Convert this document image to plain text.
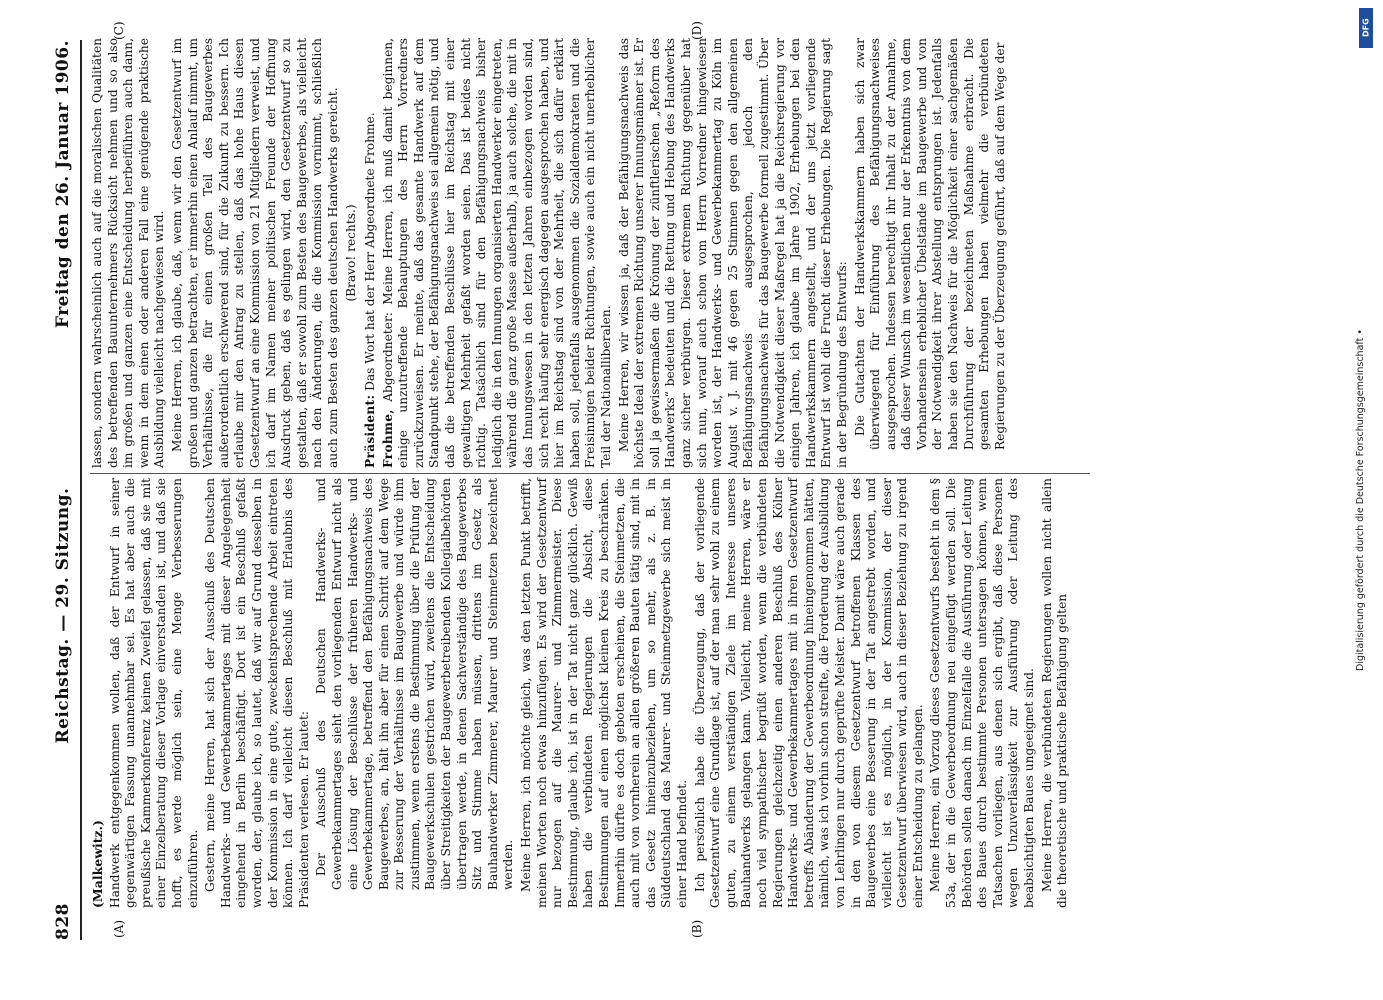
828
Reichstag. — 29. Sitzung.
Freitag den 26. Januar 1906.
(A)	(B)
(C)	(D)

(Malkewitz.) Handwerk entgegenkommen wollen, daß der Entwurf in seiner gegenwärtigen Fassung unannehmbar sei. Es hat aber auch die preußische Kammerkonferenz keinen Zweifel gelassen, daß sie mit einer Einzelberatung dieser Vorlage einverstanden ist, und daß sie hofft, es werde möglich sein, eine Menge Verbesserungen einzuführen. Gestern, meine Herren, hat sich der Ausschuß des Deutschen Handwerks- und Gewerbekammertages mit dieser Angelegenheit eingehend in Berlin beschäftigt. Dort ist ein Beschluß gefaßt worden, der, glaube ich, so lautet, daß wir auf Grund desselben in der Kommission in eine gute, zweckentsprechende Arbeit eintreten können. Ich darf vielleicht diesen Beschluß mit Erlaubnis des Präsidenten verlesen. Er lautet: Der Ausschuß des Deutschen Handwerks- und Gewerbekammertages sieht den vorliegenden Entwurf nicht als eine Lösung der Beschlüsse der früheren Handwerks- und Gewerbekammertage, betreffend den Befähigungsnachweis des Baugewerbes, an, hält ihn aber für einen Schritt auf dem Wege zur Besserung der Verhältnisse im Baugewerbe und würde ihm zustimmen, wenn erstens die Bestimmung über die Prüfung der Baugewerkschulen gestrichen wird, zweitens die Entscheidung über Streitigkeiten der Baugewerbetreibenden Kollegialbehörden übertragen werde, in denen Sachverständige des Baugewerbes Sitz und Stimme haben müssen, drittens im Gesetz als Bauhandwerker Zimmerer, Maurer und Steinmetzen bezeichnet werden. Meine Herren, ich möchte gleich, was den letzten Punkt betrifft, meinen Worten noch etwas hinzufügen. Es wird der Gesetzentwurf nur bezogen auf die Maurer- und Zimmermeister. Diese Bestimmung, glaube ich, ist in der Tat nicht ganz glücklich. Gewiß haben die verbündeten Regierungen die Absicht, diese Bestimmungen auf einen möglichst kleinen Kreis zu beschränken. Immerhin dürfte es doch geboten erscheinen, die Steinmetzen, die auch mit von vornherein an allen größeren Bauten tätig sind, mit in das Gesetz hineinzubeziehen, um so mehr, als z. B. in Süddeutschland das Maurer- und Steinmetzgewerbe sich meist in einer Hand befindet. Ich persönlich habe die Überzeugung, daß der vorliegende Gesetzentwurf eine Grundlage ist, auf der man sehr wohl zu einem guten, zu einem verständigen Ziele im Interesse unseres Bauhandwerks gelangen kann. Vielleicht, meine Herren, wäre er noch viel sympathischer begrüßt worden, wenn die verbündeten Regierungen gleichzeitig einen anderen Beschluß des Kölner Handwerks- und Gewerbekammertages mit in ihren Gesetzentwurf betreffs Abänderung der Gewerbeordnung hineingenommen hätten, nämlich, was ich vorhin schon streifte, die Forderung der Ausbildung von Lehrlingen nur durch geprüfte Meister. Damit wäre auch gerade in den von diesem Gesetzentwurf betroffenen Klassen des Baugewerbes eine Besserung in der Tat angestrebt worden, und vielleicht ist es möglich, in der Kommission, der dieser Gesetzentwurf überwiesen wird, auch in dieser Beziehung zu irgend einer Entscheidung zu gelangen. Meine Herren, ein Vorzug dieses Gesetzentwurfs besteht in dem § 53a, der in die Gewerbeordnung neu eingefügt werden soll. Die Behörden sollen danach im Einzelfalle die Ausführung oder Leitung des Baues durch bestimmte Personen untersagen können, wenn Tatsachen vorliegen, aus denen sich ergibt, daß diese Personen wegen Unzuverlässigkeit zur Ausführung oder Leitung des beabsichtigten Baues ungeeignet sind. Meine Herren, die verbündeten Regierungen wollen nicht allein die theoretische und praktische Befähigung gelten

lassen, sondern wahrscheinlich auch auf die moralischen Qualitäten des betreffenden Bauunternehmers Rücksicht nehmen und so also im großen und ganzen eine Entscheidung herbeiführen auch dann, wenn in dem einen oder anderen Fall eine genügende praktische Ausbildung vielleicht nachgewiesen wird. Meine Herren, ich glaube, daß, wenn wir den Gesetzentwurf im großen und ganzen betrachten, er immerhin einen Anlauf nimmt, um Verhältnisse, die für einen großen Teil des Baugewerbes außerordentlich erschwerend sind, für die Zukunft zu bessern. Ich erlaube mir den Antrag zu stellen, daß das hohe Haus diesen Gesetzentwurf an eine Kommission von 21 Mitgliedern verweist, und ich darf im Namen meiner politischen Freunde der Hoffnung Ausdruck geben, daß es gelingen wird, den Gesetzentwurf so zu gestalten, daß er sowohl zum Besten des Baugewerbes, als vielleicht nach den Änderungen, die die Kommission vornimmt, schließlich auch zum Besten des ganzen deutschen Handwerks gereicht. (Bravo! rechts.)

Präsident: Das Wort hat der Herr Abgeordnete Frohme.

Frohme, Abgeordneter: Meine Herren, ich muß damit beginnen, einige unzutreffende Behauptungen des Herrn Vorredners zurückzuweisen. Er meinte, daß das gesamte Handwerk auf dem Standpunkt stehe, der Befähigungsnachweis sei allgemein nötig, und daß die betreffenden Beschlüsse hier im Reichstag mit einer gewaltigen Mehrheit gefaßt worden seien. Das ist beides nicht richtig. Tatsächlich sind für den Befähigungsnachweis bisher lediglich die in den Innungen organisierten Handwerker eingetreten, während die ganz große Masse außerhalb, ja auch solche, die mit in das Innungswesen in den letzten Jahren einbezogen worden sind, sich recht häufig sehr energisch dagegen ausgesprochen haben, und hier im Reichstag sind von der Mehrheit, die sich dafür erklärt haben soll, jedenfalls ausgenommen die Sozialdemokraten und die Freisinnigen beider Richtungen, sowie auch ein nicht unerheblicher Teil der Nationalliberalen. Meine Herren, wir wissen ja, daß der Befähigungsnachweis das höchste Ideal der extremen Richtung unserer Innungsmänner ist. Er soll ja gewissermaßen die Krönung der zünftlerischen „Reform des Handwerks“ bedeuten und die Rettung und Hebung des Handwerks ganz sicher verbürgen. Dieser extremen Richtung gegenüber hat sich nun, worauf auch schon vom Herrn Vorredner hingewiesen worden ist, der Handwerks- und Gewerbekammertag zu Köln im August v. J. mit 46 gegen 25 Stimmen gegen den allgemeinen Befähigungsnachweis ausgesprochen, jedoch den Befähigungsnachweis für das Baugewerbe formell zugestimmt. Über die Notwendigkeit dieser Maßregel hat ja die Reichsregierung vor einigen Jahren, ich glaube im Jahre 1902, Erhebungen bei den Handwerkskammern angestellt, und der uns jetzt vorliegende Entwurf ist wohl die Frucht dieser Erhebungen. Die Regierung sagt in der Begründung des Entwurfs: Die Gutachten der Handwerkskammern haben sich zwar überwiegend für Einführung des Befähigungsnachweises ausgesprochen. Indessen berechtigt ihr Inhalt zu der Annahme, daß dieser Wunsch im wesentlichen nur der Erkenntnis von dem Vorhandensein erheblicher Übelstände im Baugewerbe und von der Notwendigkeit ihrer Abstellung entsprungen ist. Jedenfalls haben sie den Nachweis für die Möglichkeit einer sachgemäßen Durchführung der bezeichneten Maßnahme erbracht. Die gesamten Erhebungen haben vielmehr die verbündeten Regierungen zu der Überzeugung geführt, daß auf dem Wege der

Digitalisierung gefördert durch die Deutsche Forschungsgemeinschaft •
DFG
